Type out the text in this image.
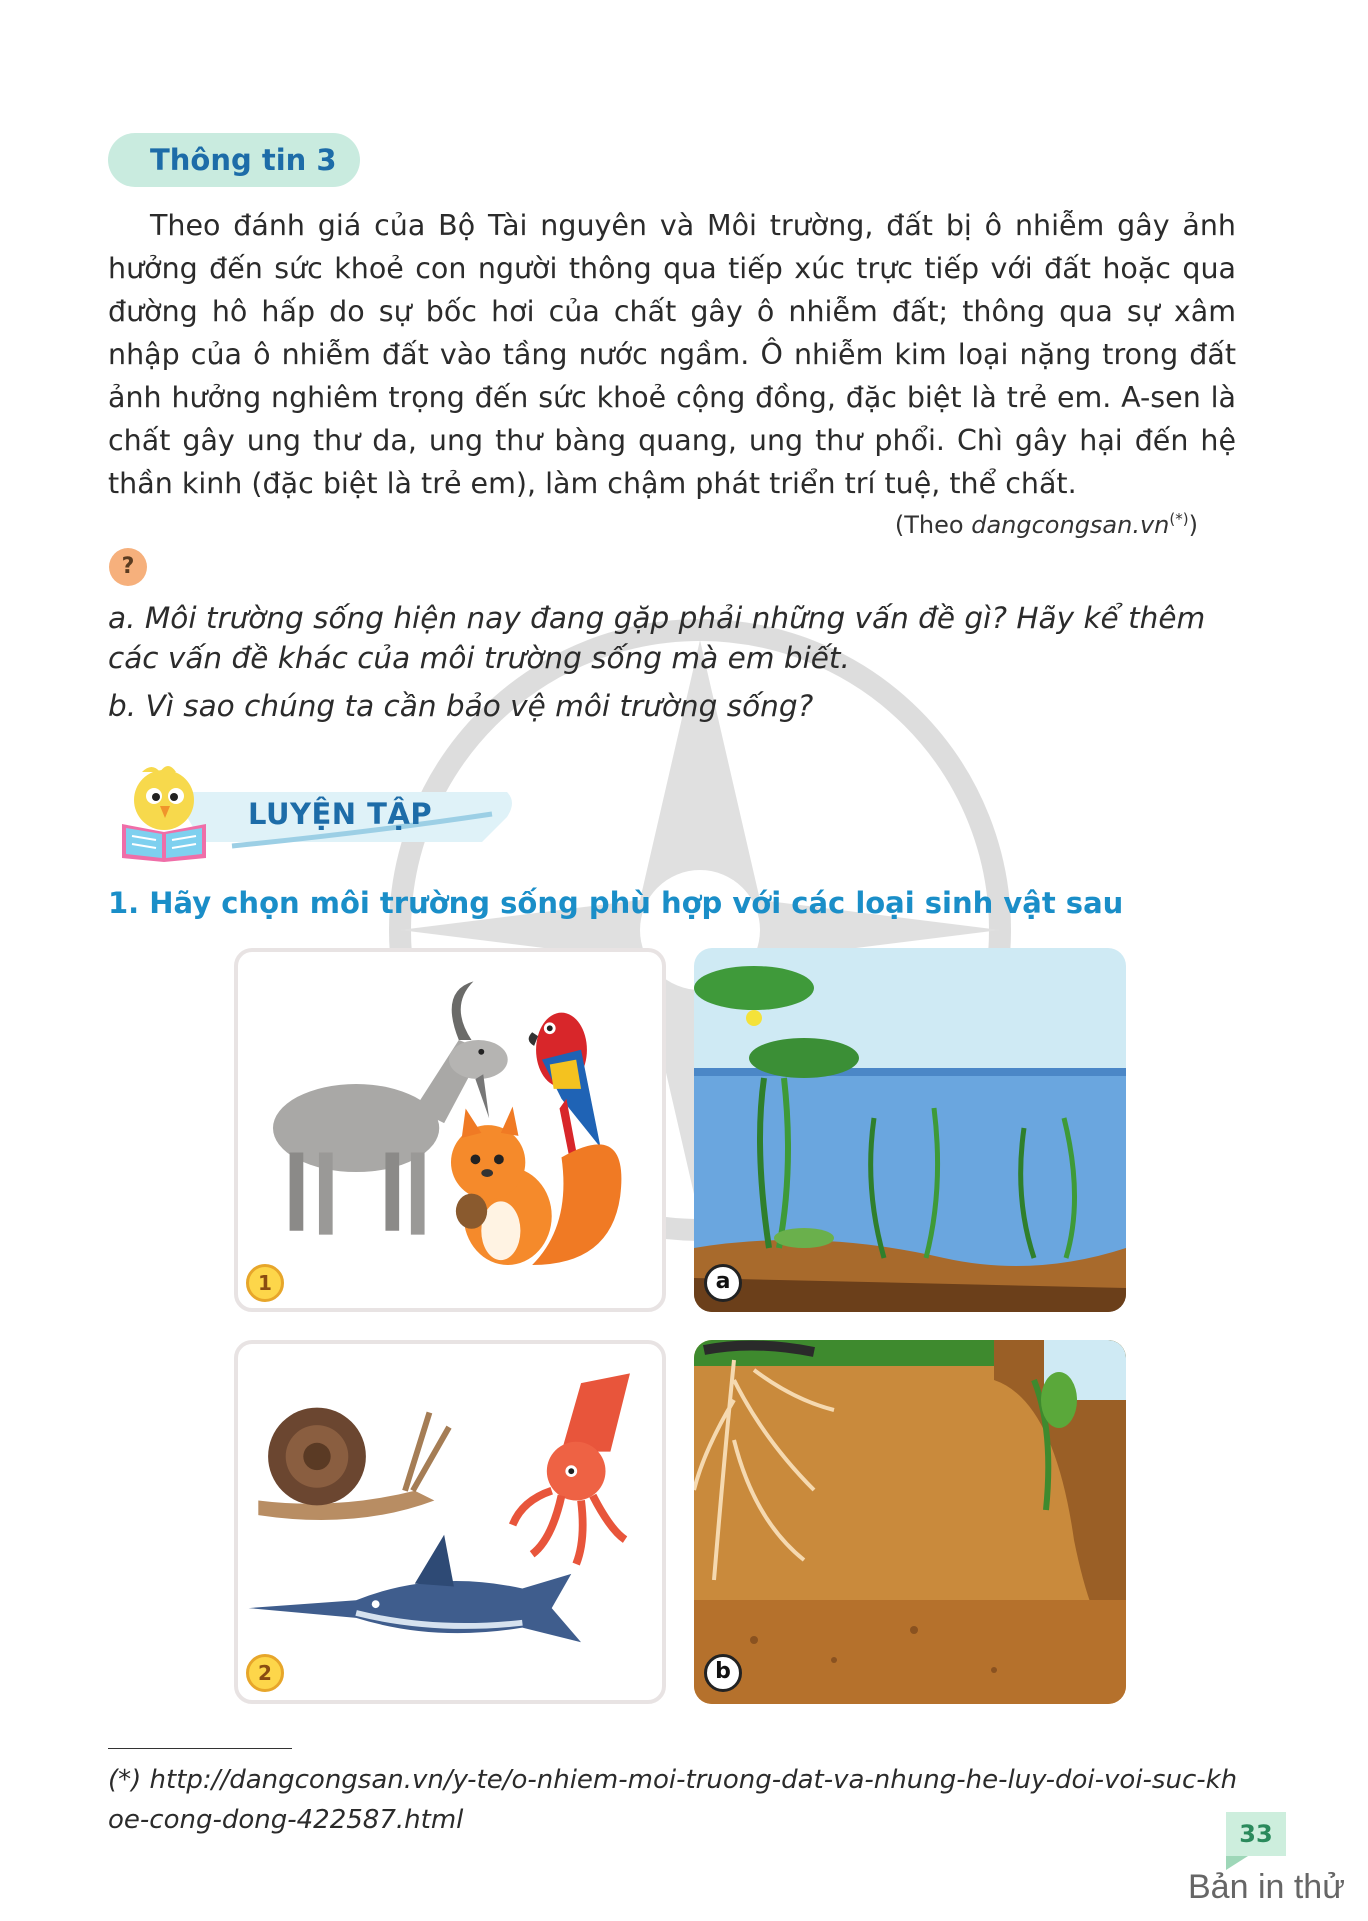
Thông tin 3
Theo đánh giá của Bộ Tài nguyên và Môi trường, đất bị ô nhiễm gây ảnh hưởng đến sức khoẻ con người thông qua tiếp xúc trực tiếp với đất hoặc qua đường hô hấp do sự bốc hơi của chất gây ô nhiễm đất; thông qua sự xâm nhập của ô nhiễm đất vào tầng nước ngầm. Ô nhiễm kim loại nặng trong đất ảnh hưởng nghiêm trọng đến sức khoẻ cộng đồng, đặc biệt là trẻ em. A-sen là chất gây ung thư da, ung thư bàng quang, ung thư phổi. Chì gây hại đến hệ thần kinh (đặc biệt là trẻ em), làm chậm phát triển trí tuệ, thể chất.
(Theo dangcongsan.vn(*))
?
a. Môi trường sống hiện nay đang gặp phải những vấn đề gì? Hãy kể thêm các vấn đề khác của môi trường sống mà em biết.
b. Vì sao chúng ta cần bảo vệ môi trường sống?
LUYỆN TẬP
1. Hãy chọn môi trường sống phù hợp với các loại sinh vật sau
1	a
2	b
(*) http://dangcongsan.vn/y-te/o-nhiem-moi-truong-dat-va-nhung-he-luy-doi-voi-suc-khoe-cong-dong-422587.html	33
Bản in thử
